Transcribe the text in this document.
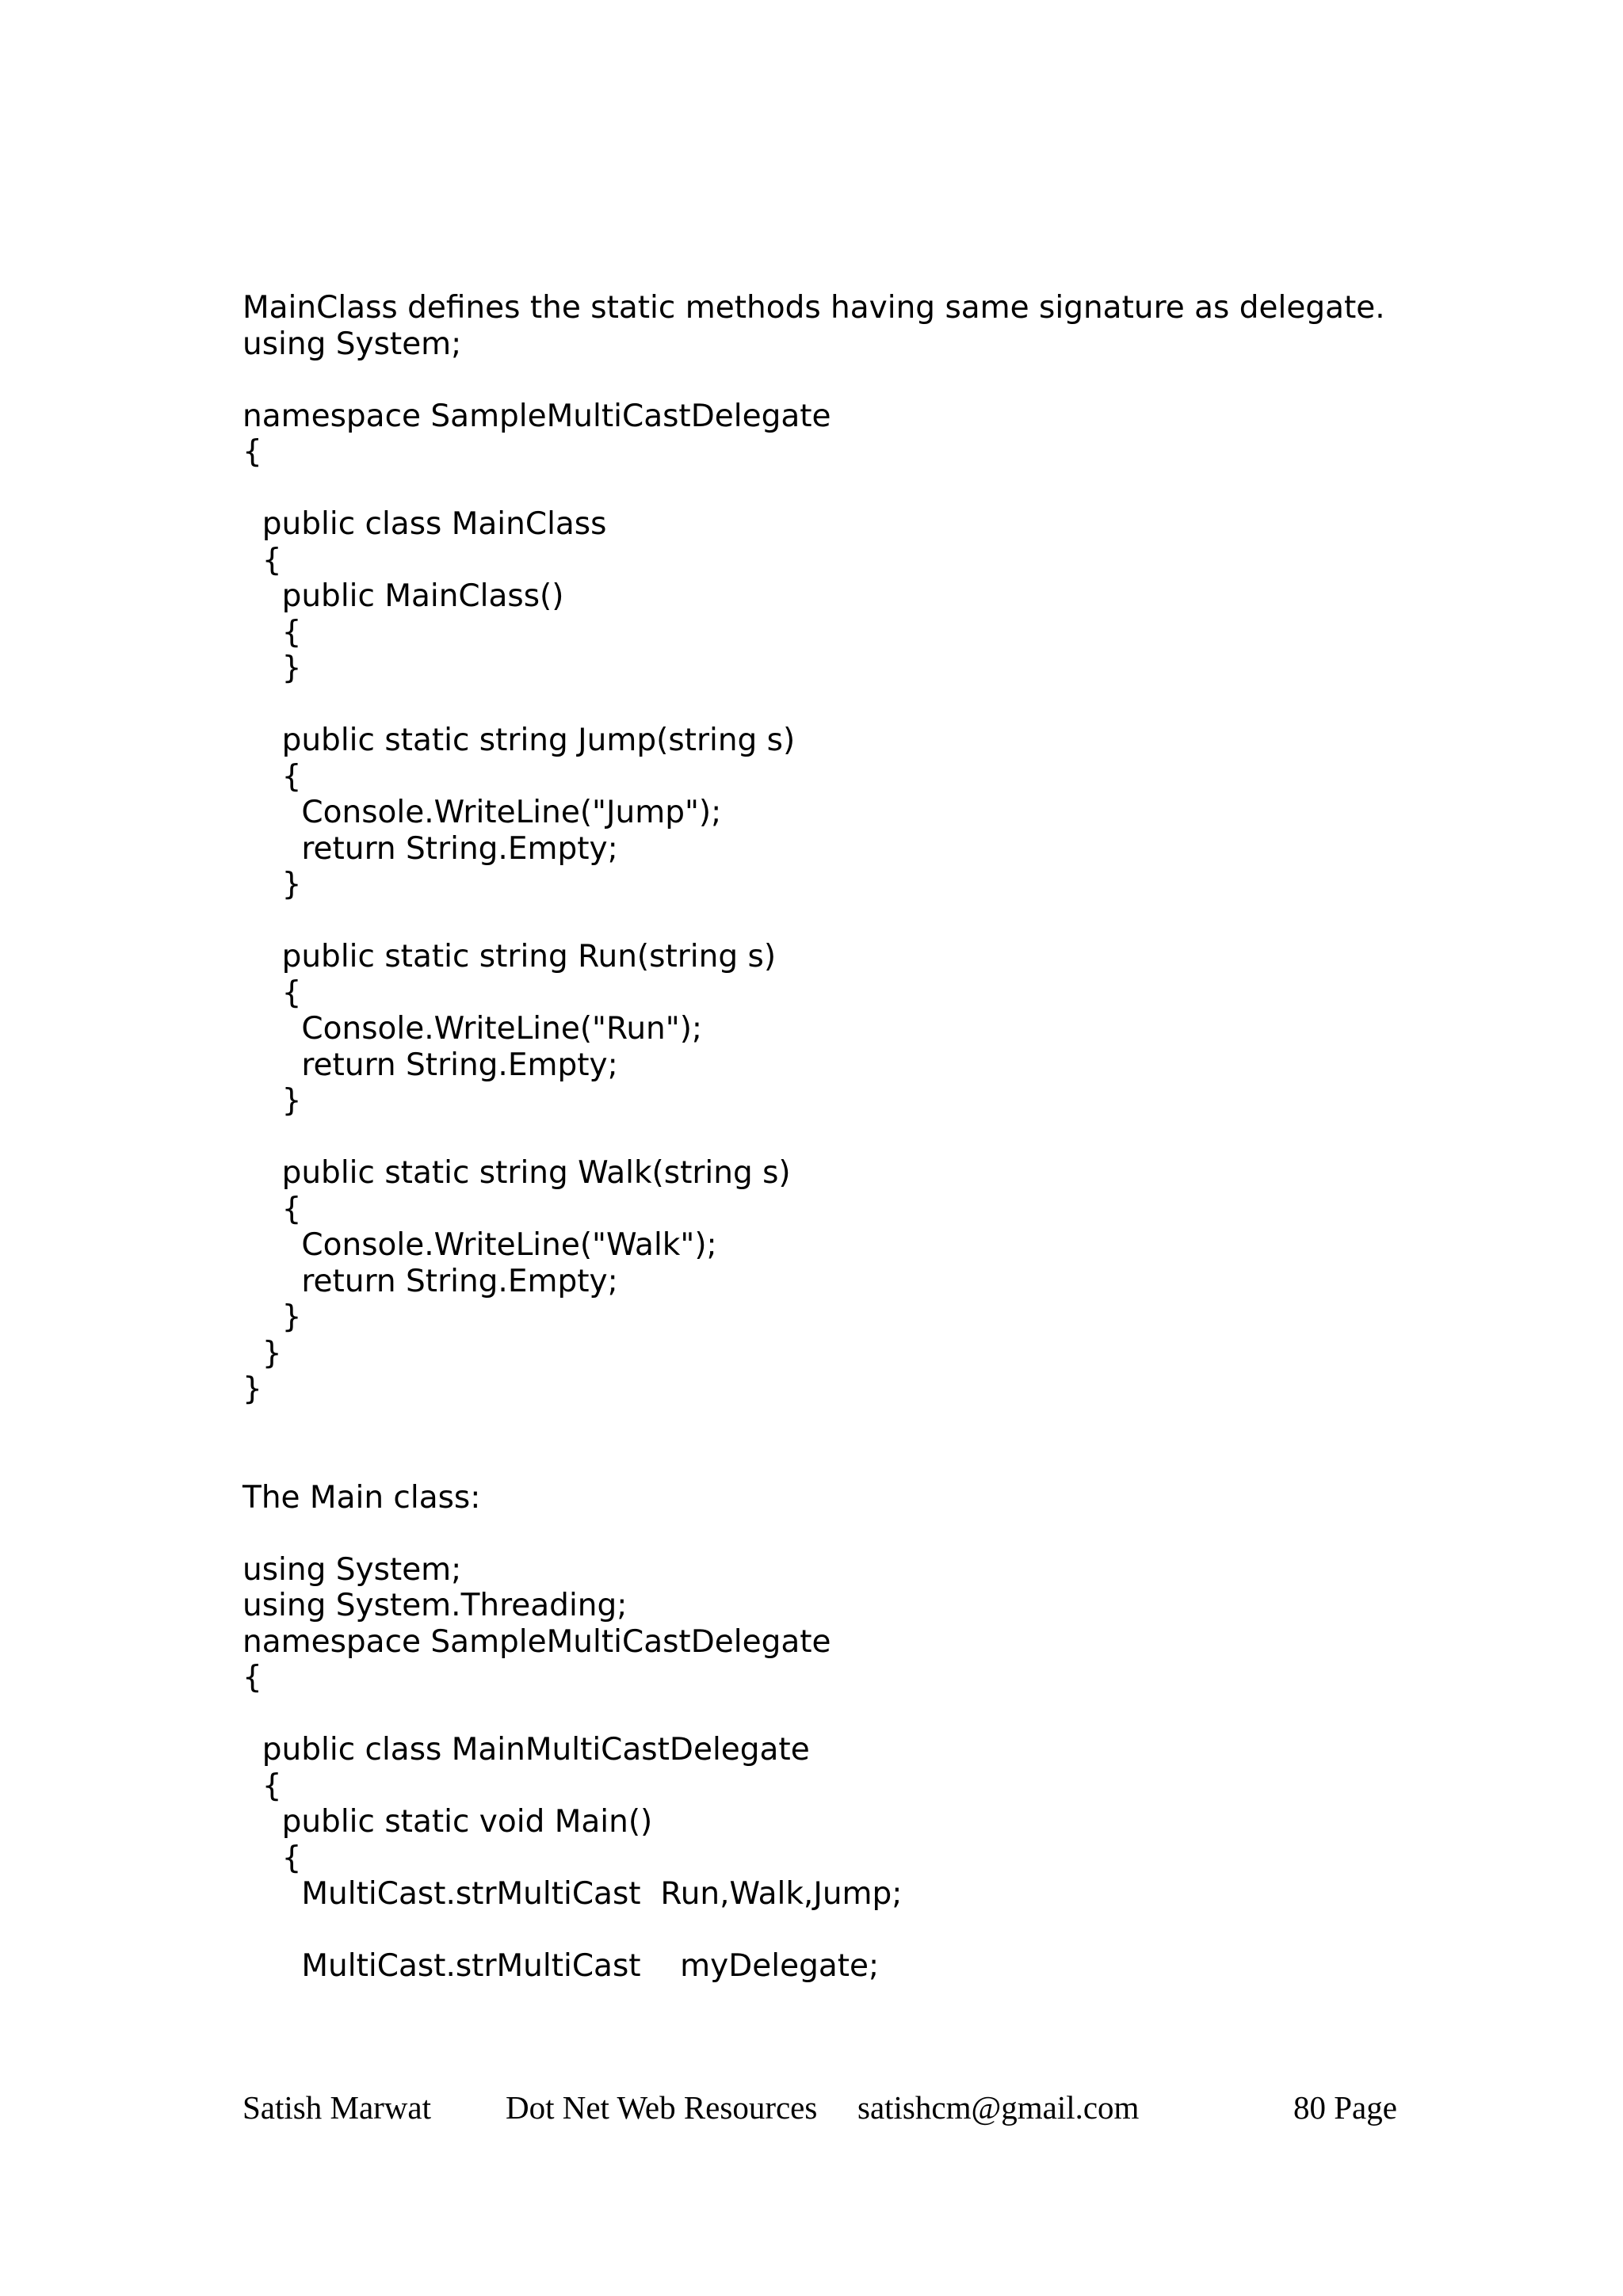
MainClass defines the static methods having same signature as delegate.
using System;
namespace SampleMultiCastDelegate
{
public class MainClass
{
public MainClass()
{
}
public static string Jump(string s)
{
Console.WriteLine("Jump");
return String.Empty;
}
public static string Run(string s)
{
Console.WriteLine("Run");
return String.Empty;
}
public static string Walk(string s)
{
Console.WriteLine("Walk");
return String.Empty;
}
}
}
The Main class:
using System;
using System.Threading;
namespace SampleMultiCastDelegate
{
public class MainMultiCastDelegate
{
public static void Main()
{
MultiCast.strMultiCast  Run,Walk,Jump;
MultiCast.strMultiCast    myDelegate;
Satish Marwat Dot Net Web Resources satishcm@gmail.com	80 Page
